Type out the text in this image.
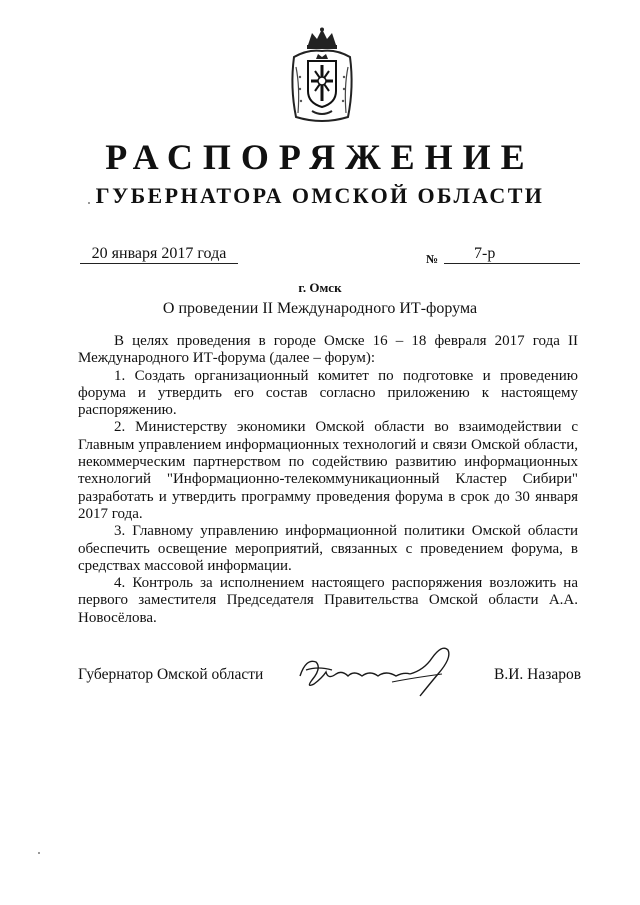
РАСПОРЯЖЕНИЕ
ГУБЕРНАТОРА ОМСКОЙ ОБЛАСТИ
20 января 2017 года	№	7-р
г. Омск
О проведении II Международного ИТ-форума

В целях проведения в городе Омске 16 – 18 февраля 2017 года II Международного ИТ-форума (далее – форум):

1. Создать организационный комитет по подготовке и проведению форума и утвердить его состав согласно приложению к настоящему распоряжению.

2. Министерству экономики Омской области во взаимодействии с Главным управлением информационных технологий и связи Омской области, некоммерческим партнерством по содействию развитию информационных технологий "Информационно-телекоммуникационный Кластер Сибири" разработать и утвердить программу проведения форума в срок до 30 января 2017 года.

3. Главному управлению информационной политики Омской области обеспечить освещение мероприятий, связанных с проведением форума, в средствах массовой информации.

4. Контроль за исполнением настоящего распоряжения возложить на первого заместителя Председателя Правительства Омской области А.А. Новосёлова.

Губернатор Омской области	В.И. Назаров
